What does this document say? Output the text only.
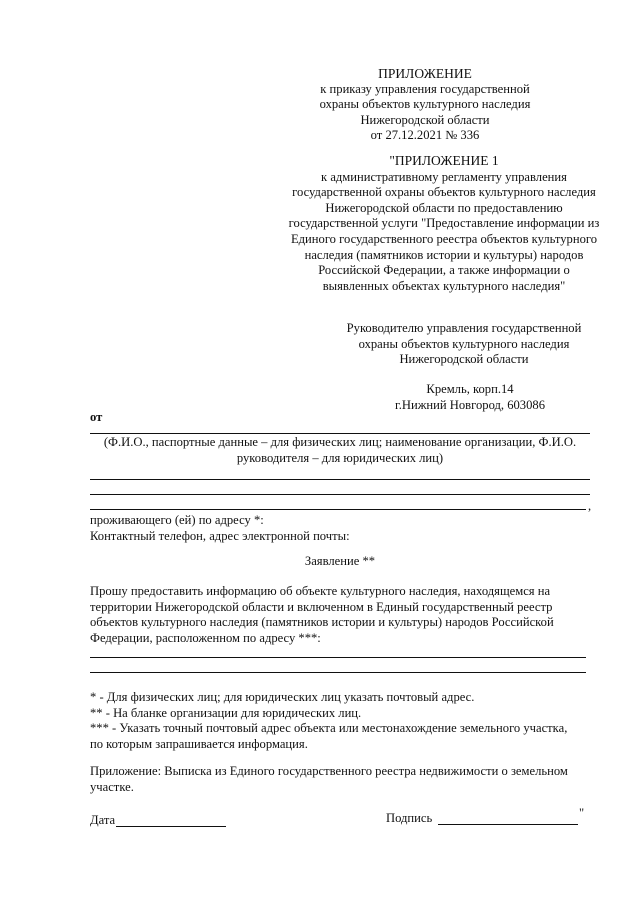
ПРИЛОЖЕНИЕ
к приказу управления государственной
охраны объектов культурного наследия
Нижегородской области
от 27.12.2021 № 336
"ПРИЛОЖЕНИЕ 1
к административному регламенту управления
государственной охраны объектов культурного наследия
Нижегородской области по предоставлению
государственной услуги "Предоставление информации из
Единого государственного реестра объектов культурного
наследия (памятников истории и культуры) народов
Российской Федерации, а также информации о
выявленных объектах культурного наследия"
Руководителю управления государственной
охраны объектов культурного наследия
Нижегородской области
Кремль, корп.14
г.Нижний Новгород, 603086
от
(Ф.И.О., паспортные данные – для физических лиц; наименование организации, Ф.И.О.
руководителя – для юридических лиц)
,
проживающего (ей) по адресу *:
Контактный телефон, адрес электронной почты:
Заявление **
Прошу предоставить информацию об объекте культурного наследия, находящемся на
территории Нижегородской области и включенном в Единый государственный реестр
объектов культурного наследия (памятников истории и культуры) народов Российской
Федерации, расположенном по адресу ***:
* - Для физических лиц; для юридических лиц указать почтовый адрес.
** - На бланке организации для юридических лиц.
*** - Указать точный почтовый адрес объекта или местонахождение земельного участка,
по которым запрашивается информация.
Приложение: Выписка из Единого государственного реестра недвижимости о земельном
участке.
Дата	Подпись	"
